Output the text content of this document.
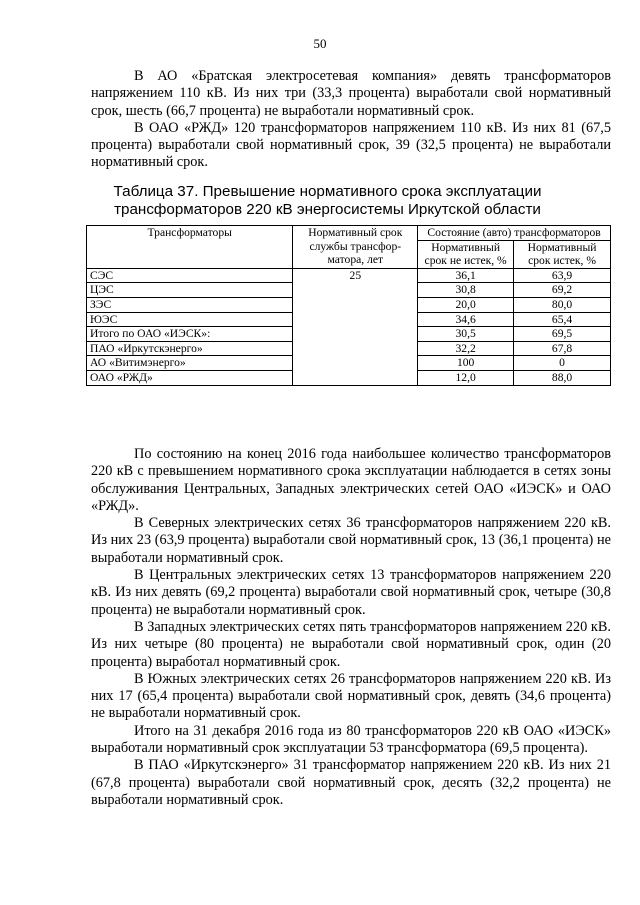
50

В АО «Братская электросетевая компания» девять трансформаторов напряжением 110 кВ. Из них три (33,3 процента) выработали свой нормативный срок, шесть (66,7 процента) не выработали нормативный срок.

В ОАО «РЖД» 120 трансформаторов напряжением 110 кВ. Из них 81 (67,5 процента) выработали свой нормативный срок, 39 (32,5 процента) не выработали нормативный срок.

Таблица 37. Превышение нормативного срока эксплуатации
трансформаторов 220 кВ энергосистемы Иркутской области
Трансформаторы	Нормативный срок службы трансфор-матора, лет	Состояние (авто) трансформаторов	
		Нормативный срок не истек, %	Нормативный срок истек, %
СЭС	25	36,1	63,9
ЦЭС		30,8	69,2
ЗЭС		20,0	80,0
ЮЭС		34,6	65,4
Итого по ОАО «ИЭСК»:		30,5	69,5
ПАО «Иркутскэнерго»		32,2	67,8
АО «Витимэнерго»		100	0
ОАО «РЖД»		12,0	88,0

По состоянию на конец 2016 года наибольшее количество трансформаторов 220 кВ с превышением нормативного срока эксплуатации наблюдается в сетях зоны обслуживания Центральных, Западных электрических сетей ОАО «ИЭСК» и ОАО «РЖД».

В Северных электрических сетях 36 трансформаторов напряжением 220 кВ. Из них 23 (63,9 процента) выработали свой нормативный срок, 13 (36,1 процента) не выработали нормативный срок.

В Центральных электрических сетях 13 трансформаторов напряжением 220 кВ. Из них девять (69,2 процента) выработали свой нормативный срок, четыре (30,8 процента) не выработали нормативный срок.

В Западных электрических сетях пять трансформаторов напряжением 220 кВ. Из них четыре (80 процента) не выработали свой нормативный срок, один (20 процента) выработал нормативный срок.

В Южных электрических сетях 26 трансформаторов напряжением 220 кВ. Из них 17 (65,4 процента) выработали свой нормативный срок, девять (34,6 процента) не выработали нормативный срок.

Итого на 31 декабря 2016 года из 80 трансформаторов 220 кВ ОАО «ИЭСК» выработали нормативный срок эксплуатации 53 трансформатора (69,5 процента).

В ПАО «Иркутскэнерго» 31 трансформатор напряжением 220 кВ. Из них 21 (67,8 процента) выработали свой нормативный срок, десять (32,2 процента) не выработали нормативный срок.
